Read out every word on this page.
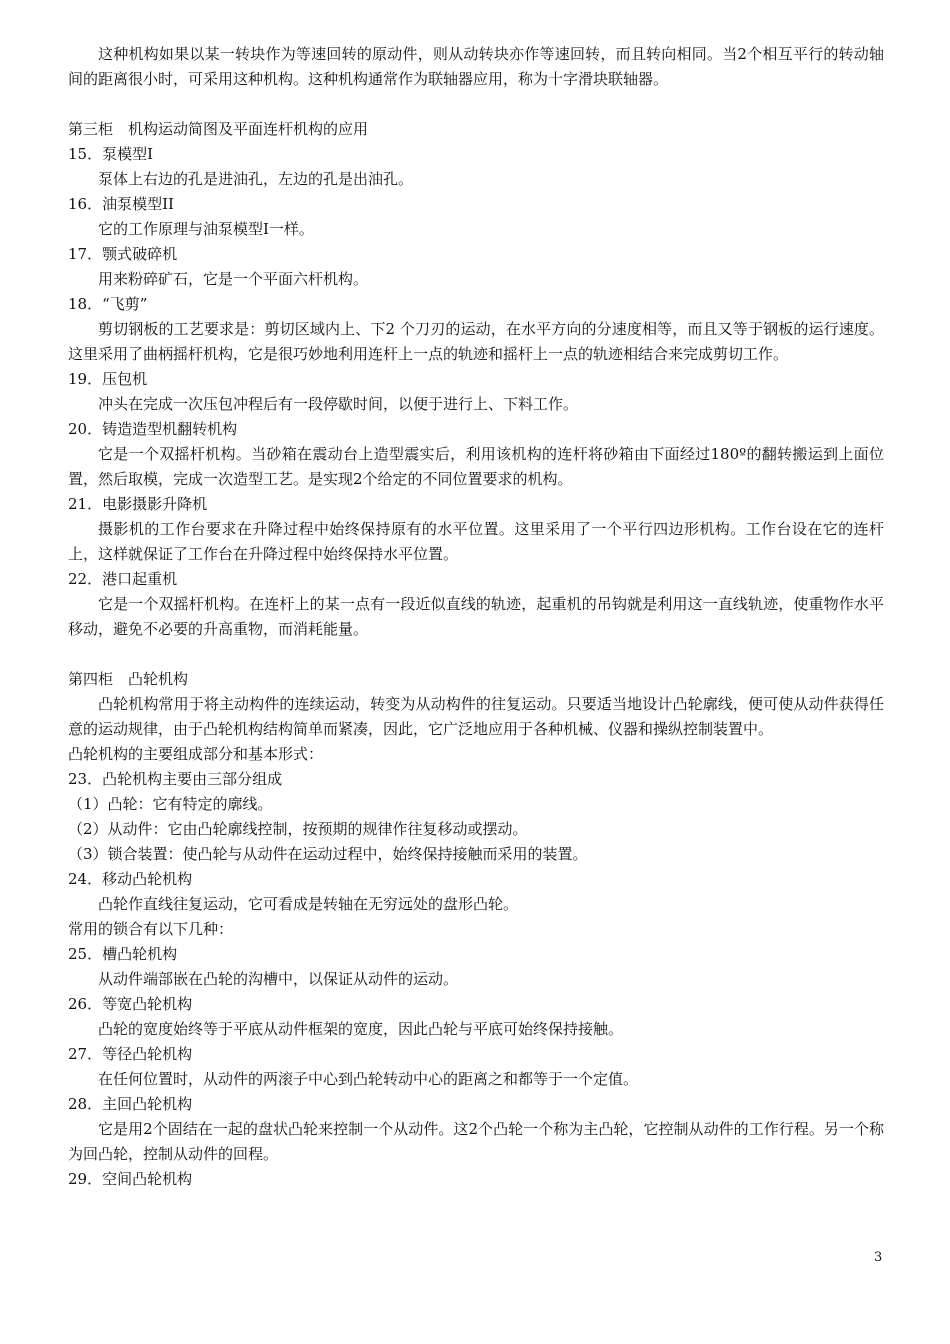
这种机构如果以某一转块作为等速回转的原动件，则从动转块亦作等速回转，而且转向相同。当2个相互平行的转动轴间的距离很小时，可采用这种机构。这种机构通常作为联轴器应用，称为十字滑块联轴器。

第三柜　机构运动简图及平面连杆机构的应用

15．泵模型I

泵体上右边的孔是进油孔，左边的孔是出油孔。

16．油泵模型II

它的工作原理与油泵模型I一样。

17．颚式破碎机

用来粉碎矿石，它是一个平面六杆机构。

18．“飞剪”

剪切钢板的工艺要求是：剪切区域内上、下2 个刀刃的运动，在水平方向的分速度相等，而且又等于钢板的运行速度。这里采用了曲柄摇杆机构，它是很巧妙地利用连杆上一点的轨迹和摇杆上一点的轨迹相结合来完成剪切工作。

19．压包机

冲头在完成一次压包冲程后有一段停歇时间，以便于进行上、下料工作。

20．铸造造型机翻转机构

它是一个双摇杆机构。当砂箱在震动台上造型震实后，利用该机构的连杆将砂箱由下面经过180º的翻转搬运到上面位置，然后取模，完成一次造型工艺。是实现2个给定的不同位置要求的机构。

21．电影摄影升降机

摄影机的工作台要求在升降过程中始终保持原有的水平位置。这里采用了一个平行四边形机构。工作台设在它的连杆上，这样就保证了工作台在升降过程中始终保持水平位置。

22．港口起重机

它是一个双摇杆机构。在连杆上的某一点有一段近似直线的轨迹，起重机的吊钩就是利用这一直线轨迹，使重物作水平移动，避免不必要的升高重物，而消耗能量。

第四柜　凸轮机构

凸轮机构常用于将主动构件的连续运动，转变为从动构件的往复运动。只要适当地设计凸轮廓线，便可使从动件获得任意的运动规律，由于凸轮机构结构简单而紧凑，因此，它广泛地应用于各种机械、仪器和操纵控制装置中。

凸轮机构的主要组成部分和基本形式：

23．凸轮机构主要由三部分组成

（1）凸轮：它有特定的廓线。

（2）从动件：它由凸轮廓线控制，按预期的规律作往复移动或摆动。

（3）锁合装置：使凸轮与从动件在运动过程中，始终保持接触而采用的装置。

24．移动凸轮机构

凸轮作直线往复运动，它可看成是转轴在无穷远处的盘形凸轮。

常用的锁合有以下几种：

25．槽凸轮机构

从动件端部嵌在凸轮的沟槽中，以保证从动件的运动。

26．等宽凸轮机构

凸轮的宽度始终等于平底从动件框架的宽度，因此凸轮与平底可始终保持接触。

27．等径凸轮机构

在任何位置时，从动件的两滚子中心到凸轮转动中心的距离之和都等于一个定值。

28．主回凸轮机构

它是用2个固结在一起的盘状凸轮来控制一个从动件。这2个凸轮一个称为主凸轮，它控制从动件的工作行程。另一个称为回凸轮，控制从动件的回程。

29．空间凸轮机构

3
